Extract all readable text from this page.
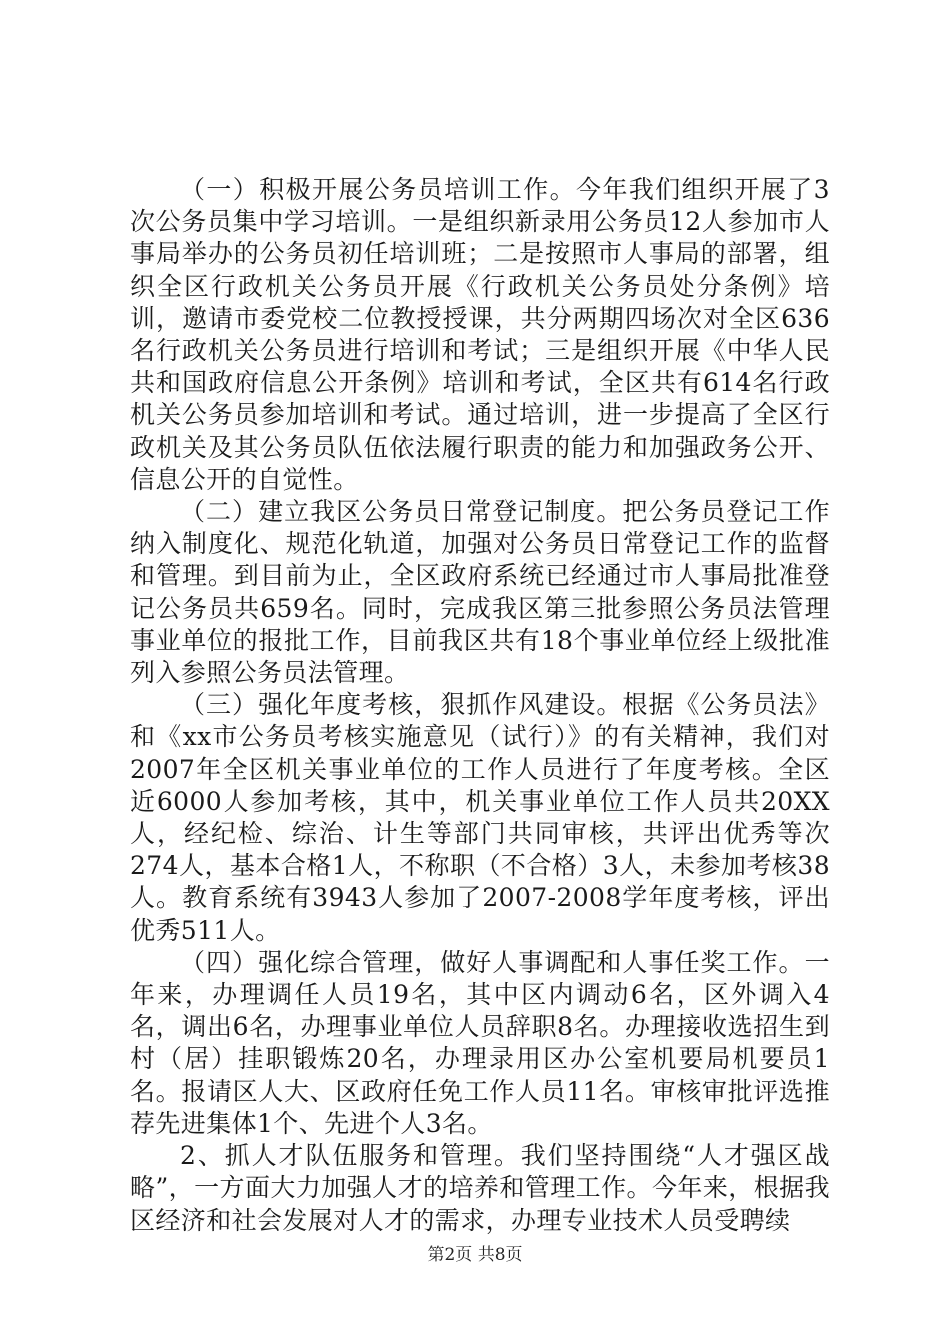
（一）积极开展公务员培训工作。今年我们组织开展了3次公务员集中学习培训。一是组织新录用公务员12人参加市人事局举办的公务员初任培训班；二是按照市人事局的部署，组织全区行政机关公务员开展《行政机关公务员处分条例》培训，邀请市委党校二位教授授课，共分两期四场次对全区636名行政机关公务员进行培训和考试；三是组织开展《中华人民共和国政府信息公开条例》培训和考试，全区共有614名行政机关公务员参加培训和考试。通过培训，进一步提高了全区行政机关及其公务员队伍依法履行职责的能力和加强政务公开、信息公开的自觉性。

（二）建立我区公务员日常登记制度。把公务员登记工作纳入制度化、规范化轨道，加强对公务员日常登记工作的监督和管理。到目前为止，全区政府系统已经通过市人事局批准登记公务员共659名。同时，完成我区第三批参照公务员法管理事业单位的报批工作，目前我区共有18个事业单位经上级批准列入参照公务员法管理。

（三）强化年度考核，狠抓作风建设。根据《公务员法》和《xx市公务员考核实施意见（试行）》的有关精神，我们对2007年全区机关事业单位的工作人员进行了年度考核。全区近6000人参加考核，其中，机关事业单位工作人员共20XX人，经纪检、综治、计生等部门共同审核，共评出优秀等次274人，基本合格1人，不称职（不合格）3人，未参加考核38人。教育系统有3943人参加了2007-2008学年度考核，评出优秀511人。

（四）强化综合管理，做好人事调配和人事任奖工作。一年来，办理调任人员19名，其中区内调动6名，区外调入4名，调出6名，办理事业单位人员辞职8名。办理接收选招生到村（居）挂职锻炼20名，办理录用区办公室机要局机要员1名。报请区人大、区政府任免工作人员11名。审核审批评选推荐先进集体1个、先进个人3名。

2、抓人才队伍服务和管理。我们坚持围绕“人才强区战略”，一方面大力加强人才的培养和管理工作。今年来，根据我区经济和社会发展对人才的需求，办理专业技术人员受聘续

第2页 共8页
